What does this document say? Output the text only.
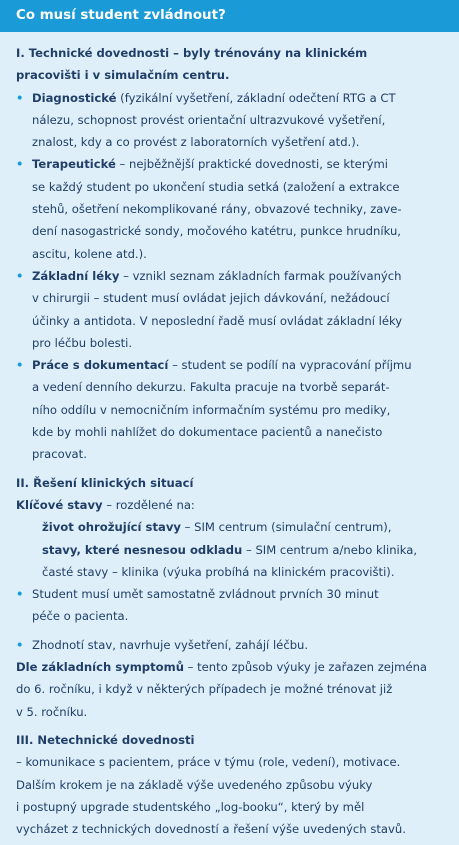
Co musí student zvládnout?
I. Technické dovednosti – byly trénovány na klinickém
pracovišti i v simulačním centru.
• Diagnostické (fyzikální vyšetření, základní odečtení RTG a CT
nálezu, schopnost provést orientační ultrazvukové vyšetření,
znalost, kdy a co provést z laboratorních vyšetření atd.).
• Terapeutické – nejběžnější praktické dovednosti, se kterými
se každý student po ukončení studia setká (založení a extrakce
stehů, ošetření nekomplikované rány, obvazové techniky, zave-
dení nasogastrické sondy, močového katétru, punkce hrudníku,
ascitu, kolene atd.).
• Základní léky – vznikl seznam základních farmak používaných
v chirurgii – student musí ovládat jejich dávkování, nežádoucí
účinky a antidota. V neposlední řadě musí ovládat základní léky
pro léčbu bolesti.
• Práce s dokumentací – student se podílí na vypracování příjmu
a vedení denního dekurzu. Fakulta pracuje na tvorbě separát-
ního oddílu v nemocničním informačním systému pro mediky,
kde by mohli nahlížet do dokumentace pacientů a nanečisto
pracovat.
II. Řešení klinických situací
Klíčové stavy – rozdělené na:
život ohrožující stavy – SIM centrum (simulační centrum),
stavy, které nesnesou odkladu – SIM centrum a/nebo klinika,
časté stavy – klinika (výuka probíhá na klinickém pracovišti).
• Student musí umět samostatně zvládnout prvních 30 minut
péče o pacienta.
• Zhodnotí stav, navrhuje vyšetření, zahájí léčbu.
Dle základních symptomů – tento způsob výuky je zařazen zejména
do 6. ročníku, i když v některých případech je možné trénovat již
v 5. ročníku.
III. Netechnické dovednosti
– komunikace s pacientem, práce v týmu (role, vedení), motivace.
Dalším krokem je na základě výše uvedeného způsobu výuky
i postupný upgrade studentského „log-booku“, který by měl
vycházet z technických dovedností a řešení výše uvedených stavů.
